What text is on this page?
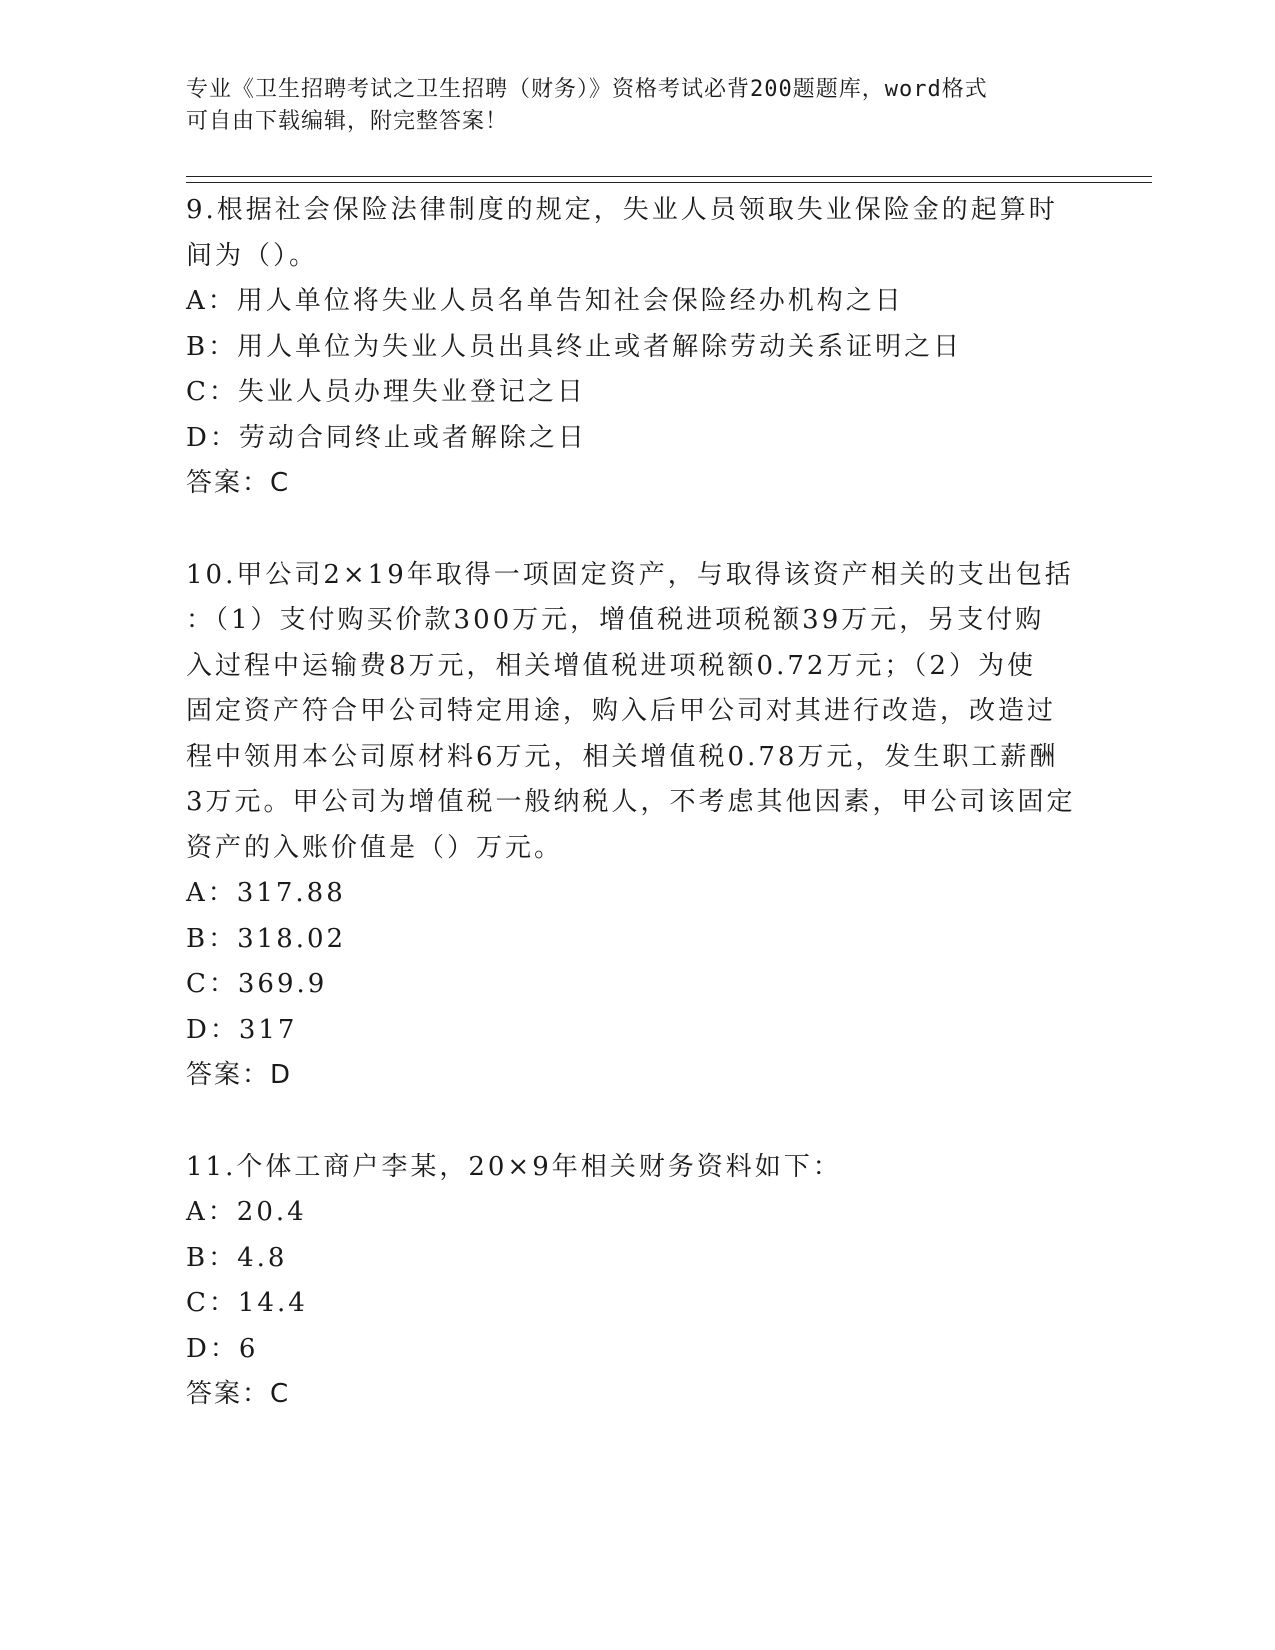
专业《卫生招聘考试之卫生招聘（财务）》资格考试必背200题题库，word格式
可自由下载编辑，附完整答案！
9.根据社会保险法律制度的规定，失业人员领取失业保险金的起算时
间为（）。
A：用人单位将失业人员名单告知社会保险经办机构之日
B：用人单位为失业人员出具终止或者解除劳动关系证明之日
C：失业人员办理失业登记之日
D：劳动合同终止或者解除之日
答案：C
10.甲公司2×19年取得一项固定资产，与取得该资产相关的支出包括
：（1）支付购买价款300万元，增值税进项税额39万元，另支付购
入过程中运输费8万元，相关增值税进项税额0.72万元；（2）为使
固定资产符合甲公司特定用途，购入后甲公司对其进行改造，改造过
程中领用本公司原材料6万元，相关增值税0.78万元，发生职工薪酬
3万元。甲公司为增值税一般纳税人，不考虑其他因素，甲公司该固定
资产的入账价值是（）万元。
A：317.88
B：318.02
C：369.9
D：317
答案：D
11.个体工商户李某，20×9年相关财务资料如下：
A：20.4
B：4.8
C：14.4
D：6
答案：C
